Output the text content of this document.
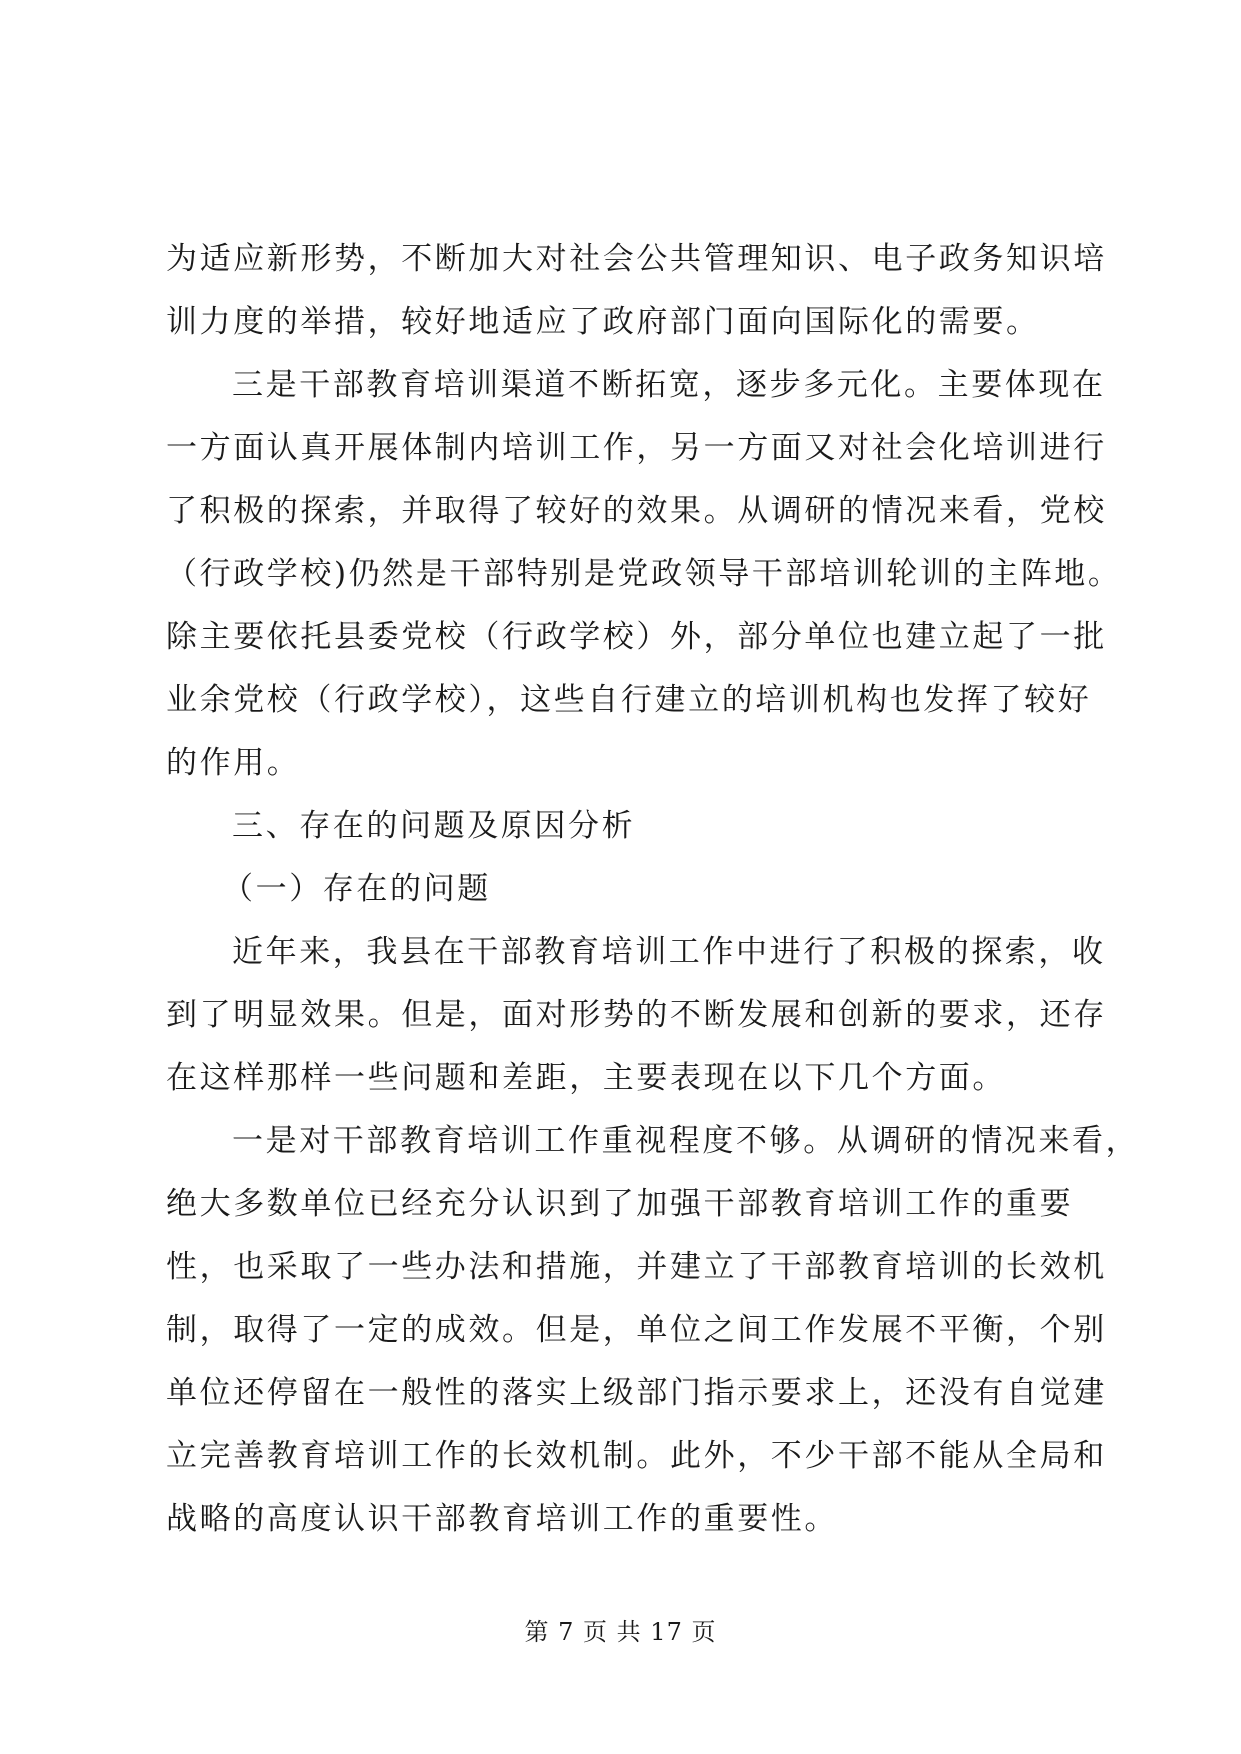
为适应新形势，不断加大对社会公共管理知识、电子政务知识培
训力度的举措，较好地适应了政府部门面向国际化的需要。
三是干部教育培训渠道不断拓宽，逐步多元化。主要体现在
一方面认真开展体制内培训工作，另一方面又对社会化培训进行
了积极的探索，并取得了较好的效果。从调研的情况来看，党校
（行政学校)仍然是干部特别是党政领导干部培训轮训的主阵地。
除主要依托县委党校（行政学校）外，部分单位也建立起了一批
业余党校（行政学校），这些自行建立的培训机构也发挥了较好
的作用。
三、存在的问题及原因分析
（一）存在的问题
近年来，我县在干部教育培训工作中进行了积极的探索，收
到了明显效果。但是，面对形势的不断发展和创新的要求，还存
在这样那样一些问题和差距，主要表现在以下几个方面。
一是对干部教育培训工作重视程度不够。从调研的情况来看，
绝大多数单位已经充分认识到了加强干部教育培训工作的重要
性，也采取了一些办法和措施，并建立了干部教育培训的长效机
制，取得了一定的成效。但是，单位之间工作发展不平衡，个别
单位还停留在一般性的落实上级部门指示要求上，还没有自觉建
立完善教育培训工作的长效机制。此外，不少干部不能从全局和
战略的高度认识干部教育培训工作的重要性。
第 7 页 共 17 页
